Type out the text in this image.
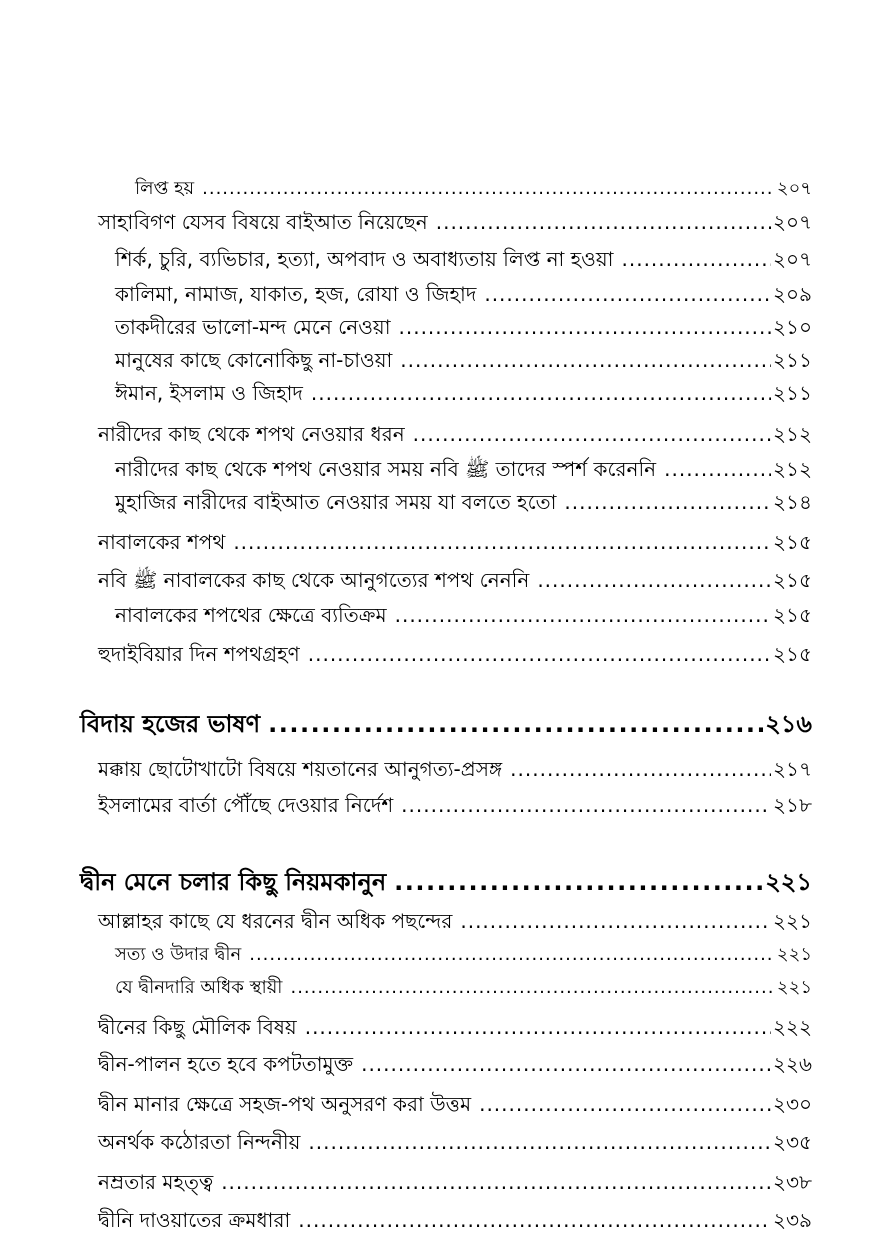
লিপ্ত হয় .....	২০৭
সাহাবিগণ যেসব বিষয়ে বাইআত নিয়েছেন .....	২০৭
শির্ক, চুরি, ব্যভিচার, হত্যা, অপবাদ ও অবাধ্যতায় লিপ্ত না হওয়া .....	২০৭
কালিমা, নামাজ, যাকাত, হজ, রোযা ও জিহাদ .....	২০৯
তাকদীরের ভালো-মন্দ মেনে নেওয়া .....	২১০
মানুষের কাছে কোনোকিছু না-চাওয়া .....	২১১
ঈমান, ইসলাম ও জিহাদ .....	২১১
নারীদের কাছ থেকে শপথ নেওয়ার ধরন .....	২১২
নারীদের কাছ থেকে শপথ নেওয়ার সময় নবি ﷺ তাদের স্পর্শ করেননি .....	২১২
মুহাজির নারীদের বাইআত নেওয়ার সময় যা বলতে হতো .....	২১৪
নাবালকের শপথ .....	২১৫
নবি ﷺ নাবালকের কাছ থেকে আনুগত্যের শপথ নেননি .....	২১৫
নাবালকের শপথের ক্ষেত্রে ব্যতিক্রম .....	২১৫
হুদাইবিয়ার দিন শপথগ্রহণ .....	২১৫
বিদায় হজের ভাষণ .....	২১৬
মক্কায় ছোটোখাটো বিষয়ে শয়তানের আনুগত্য-প্রসঙ্গ .....	২১৭
ইসলামের বার্তা পৌঁছে দেওয়ার নির্দেশ .....	২১৮
দ্বীন মেনে চলার কিছু নিয়মকানুন .....	২২১
আল্লাহর কাছে যে ধরনের দ্বীন অধিক পছন্দের .....	২২১
সত্য ও উদার দ্বীন .....	২২১
যে দ্বীনদারি অধিক স্থায়ী .....	২২১
দ্বীনের কিছু মৌলিক বিষয় .....	২২২
দ্বীন-পালন হতে হবে কপটতামুক্ত .....	২২৬
দ্বীন মানার ক্ষেত্রে সহজ-পথ অনুসরণ করা উত্তম .....	২৩০
অনর্থক কঠোরতা নিন্দনীয় .....	২৩৫
নম্রতার মহত্ত্ব .....	২৩৮
দ্বীনি দাওয়াতের ক্রমধারা .....	২৩৯
